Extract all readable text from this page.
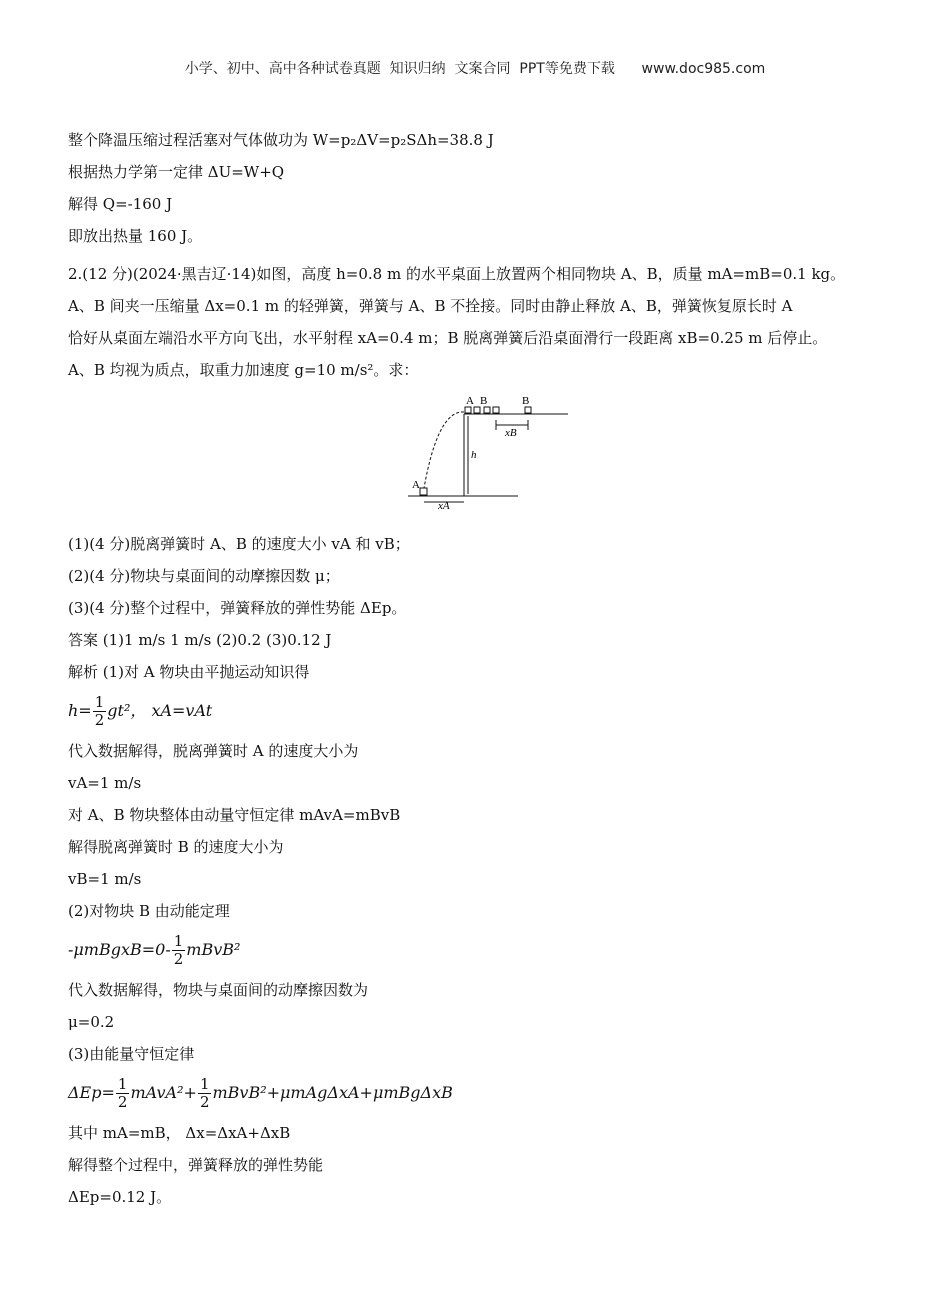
小学、初中、高中各种试卷真题  知识归纳  文案合同  PPT等免费下载      www.doc985.com

整个降温压缩过程活塞对气体做功为 W=p₂ΔV=p₂SΔh=38.8 J

根据热力学第一定律 ΔU=W+Q

解得 Q=-160 J

即放出热量 160 J。

2.(12 分)(2024·黑吉辽·14)如图，高度 h=0.8 m 的水平桌面上放置两个相同物块 A、B，质量 mA=mB=0.1 kg。

A、B 间夹一压缩量 Δx=0.1 m 的轻弹簧，弹簧与 A、B 不拴接。同时由静止释放 A、B，弹簧恢复原长时 A

恰好从桌面左端沿水平方向飞出，水平射程 xA=0.4 m；B 脱离弹簧后沿桌面滑行一段距离 xB=0.25 m 后停止。

A、B 均视为质点，取重力加速度 g=10 m/s²。求：

A B	B
xB
h
xA
A

(1)(4 分)脱离弹簧时 A、B 的速度大小 vA 和 vB；

(2)(4 分)物块与桌面间的动摩擦因数 μ；

(3)(4 分)整个过程中，弹簧释放的弹性势能 ΔEp。

答案 (1)1 m/s 1 m/s (2)0.2 (3)0.12 J

解析 (1)对 A 物块由平抛运动知识得

$h= \frac{1}{2} gt^2$， xA=vAt

代入数据解得，脱离弹簧时 A 的速度大小为

vA=1 m/s

对 A、B 物块整体由动量守恒定律 mAvA=mBvB

解得脱离弹簧时 B 的速度大小为

vB=1 m/s

(2)对物块 B 由动能定理

-μmBgxB=0- $\frac{1}{2}$ mBvB²

代入数据解得，物块与桌面间的动摩擦因数为

μ=0.2

(3)由能量守恒定律

$\Delta Ep= \frac{1}{2}$ mAvA²+ $\frac{1}{2}$ mBvB²+μmAgΔxA+μmBgΔxB

其中 mA=mB， Δx=ΔxA+ΔxB

解得整个过程中，弹簧释放的弹性势能

ΔEp=0.12 J。
